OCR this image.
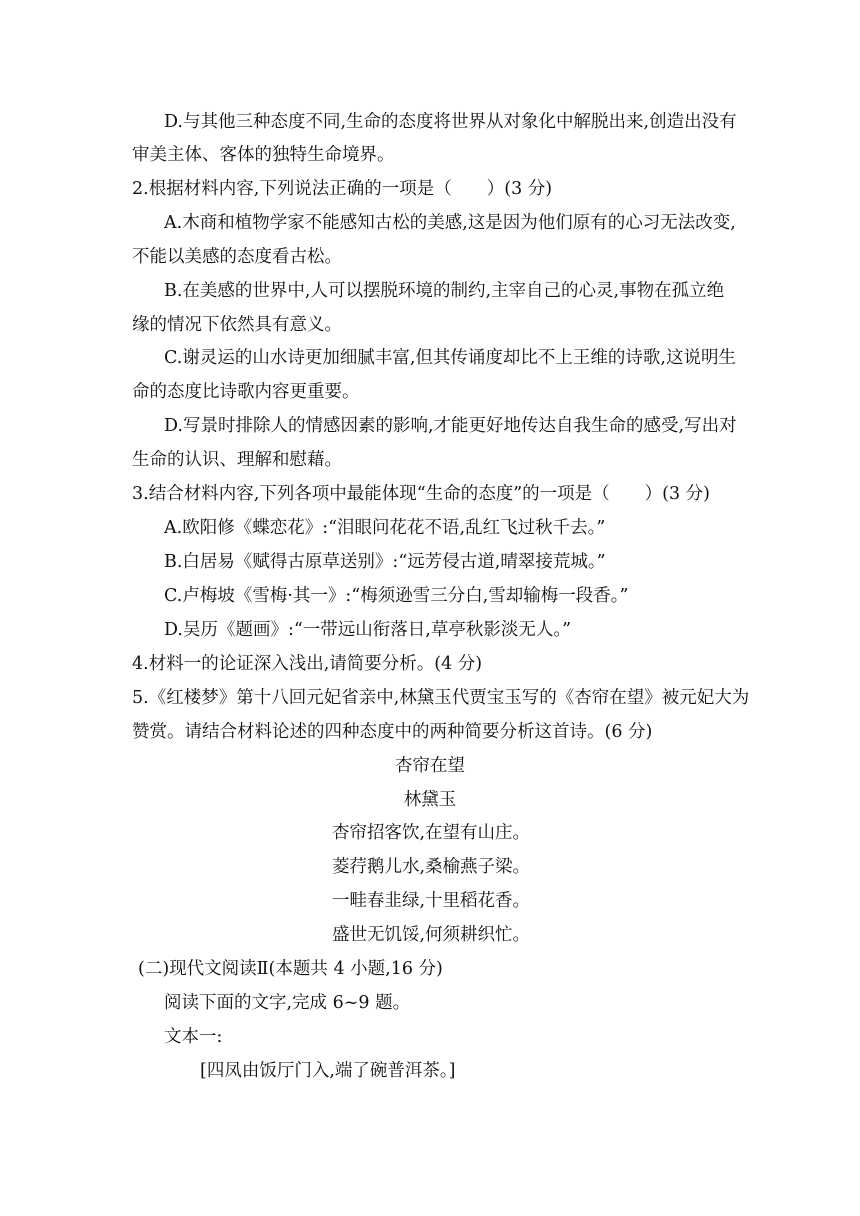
D.与其他三种态度不同,生命的态度将世界从对象化中解脱出来,创造出没有
审美主体、客体的独特生命境界。
2.根据材料内容,下列说法正确的一项是（　　）(3 分)
A.木商和植物学家不能感知古松的美感,这是因为他们原有的心习无法改变,
不能以美感的态度看古松。
B.在美感的世界中,人可以摆脱环境的制约,主宰自己的心灵,事物在孤立绝
缘的情况下依然具有意义。
C.谢灵运的山水诗更加细腻丰富,但其传诵度却比不上王维的诗歌,这说明生
命的态度比诗歌内容更重要。
D.写景时排除人的情感因素的影响,才能更好地传达自我生命的感受,写出对
生命的认识、理解和慰藉。
3.结合材料内容,下列各项中最能体现“生命的态度”的一项是（　　）(3 分)
A.欧阳修《蝶恋花》:“泪眼问花花不语,乱红飞过秋千去。”
B.白居易《赋得古原草送别》:“远芳侵古道,晴翠接荒城。”
C.卢梅坡《雪梅·其一》:“梅须逊雪三分白,雪却输梅一段香。”
D.吴历《题画》:“一带远山衔落日,草亭秋影淡无人。”
4.材料一的论证深入浅出,请简要分析。(4 分)
5.《红楼梦》第十八回元妃省亲中,林黛玉代贾宝玉写的《杏帘在望》被元妃大为
赞赏。请结合材料论述的四种态度中的两种简要分析这首诗。(6 分)
杏帘在望
林黛玉
杏帘招客饮,在望有山庄。
菱荇鹅儿水,桑榆燕子梁。
一畦春韭绿,十里稻花香。
盛世无饥馁,何须耕织忙。
(二)现代文阅读Ⅱ(本题共 4 小题,16 分)
阅读下面的文字,完成 6~9 题。
文本一:
[四凤由饭厅门入,端了碗普洱茶。]
